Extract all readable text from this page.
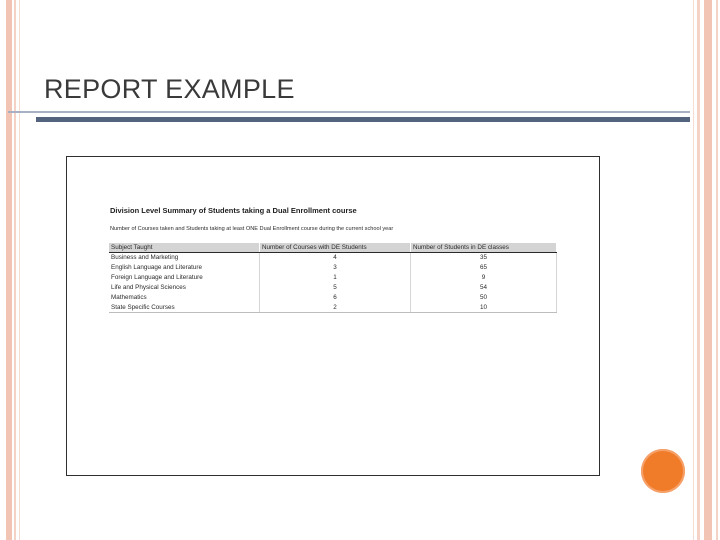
REPORT EXAMPLE
Division Level Summary of Students taking a Dual Enrollment course
Number of Courses taken and Students taking at least ONE Dual Enrollment course during the current school year
Subject Taught	Number of Courses with DE Students	Number of Students in DE classes
Business and Marketing	4	35
English Language and Literature	3	65
Foreign Language and Literature	1	9
Life and Physical Sciences	5	54
Mathematics	6	50
State Specific Courses	2	10
